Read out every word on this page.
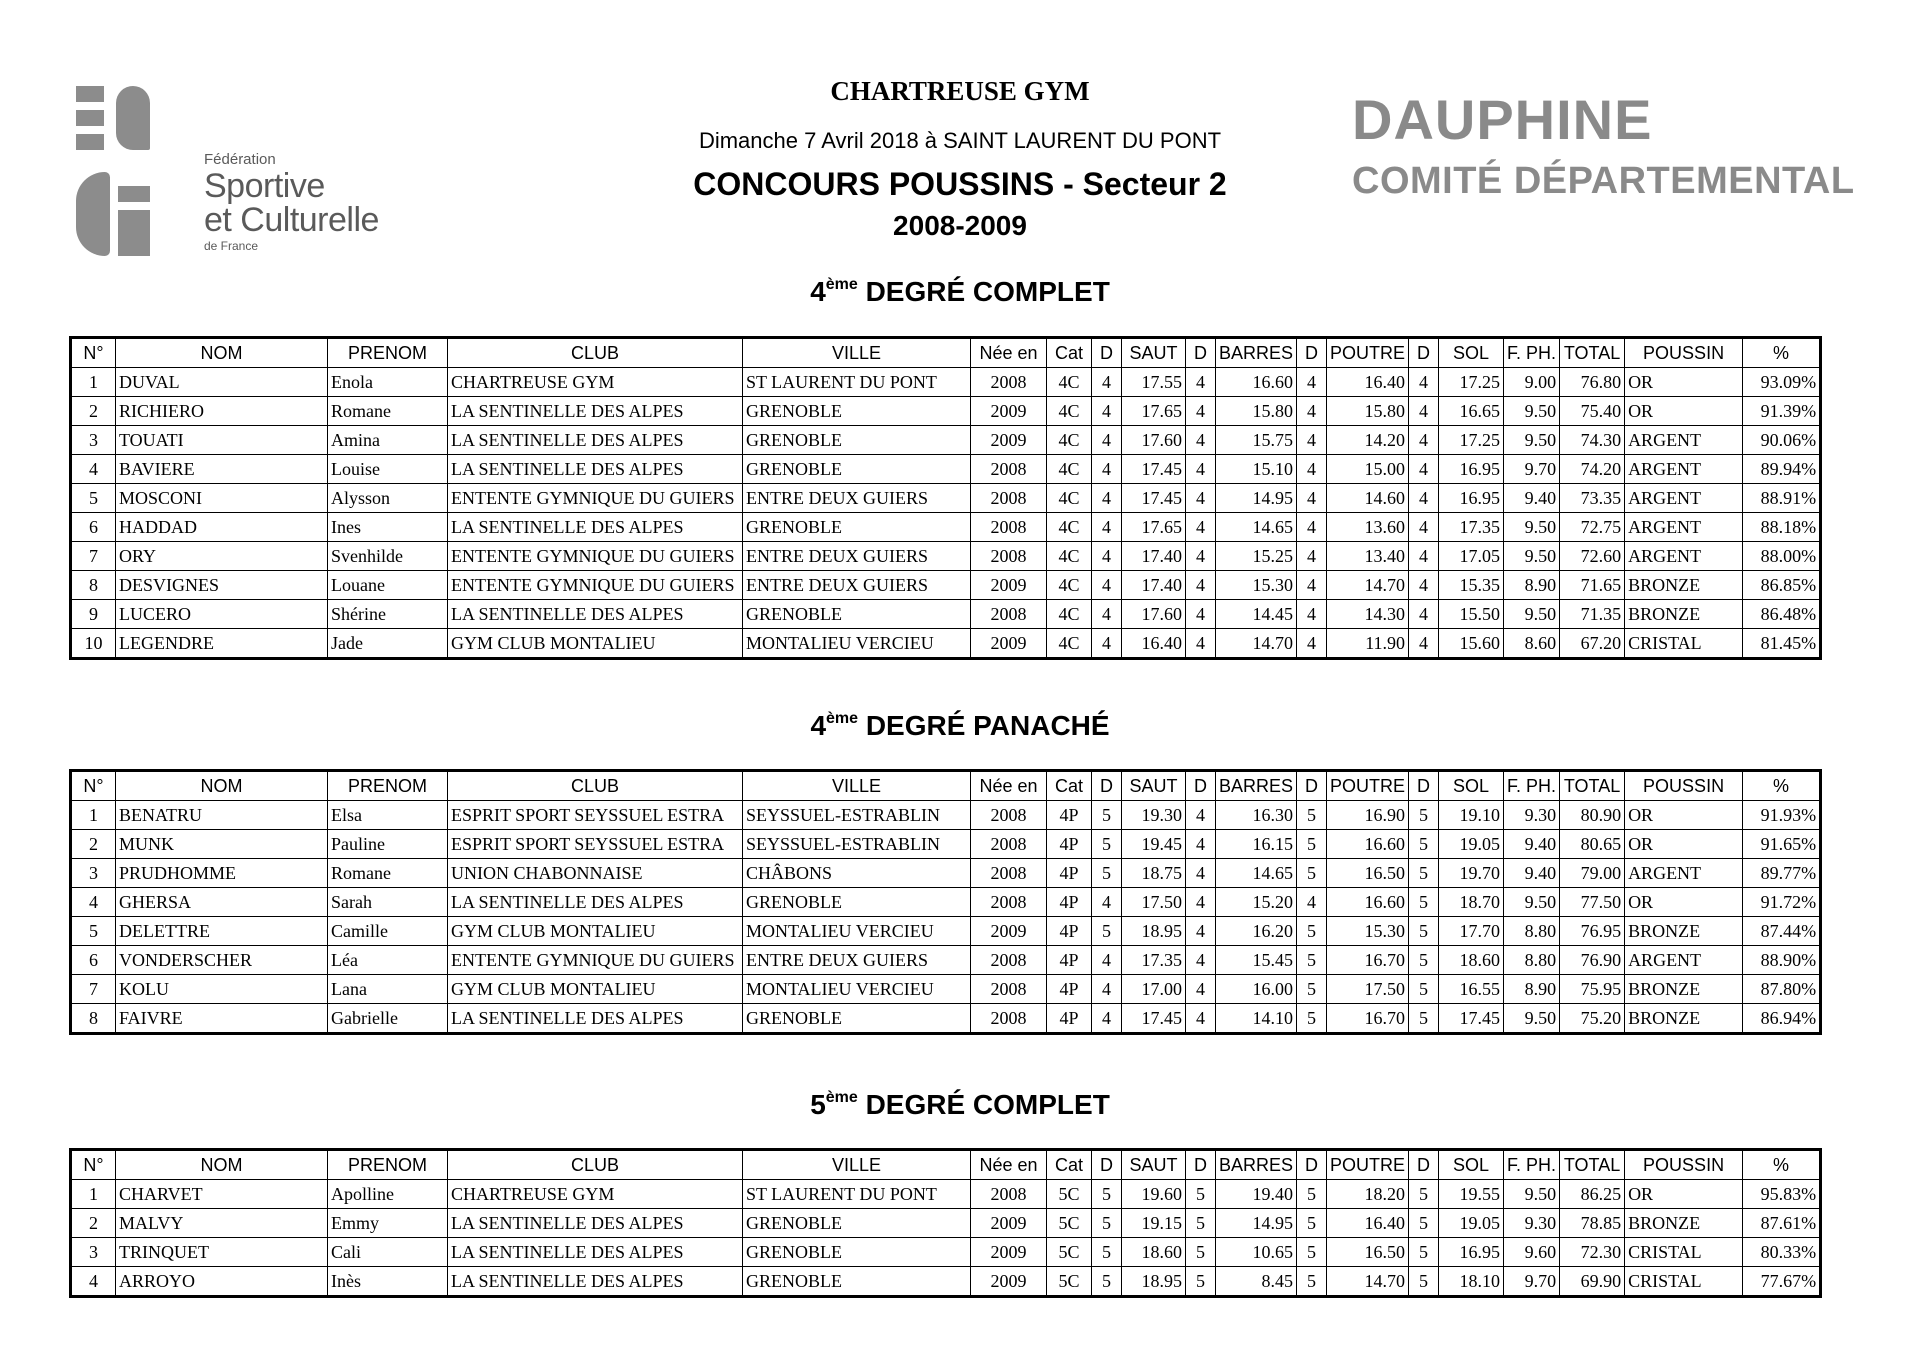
Fédération
Sportive
et Culturelle
de France
CHARTREUSE GYM
Dimanche 7 Avril 2018 à SAINT LAURENT DU PONT
CONCOURS POUSSINS - Secteur 2
2008-2009
DAUPHINE
COMITÉ DÉPARTEMENTAL
4ème DEGRÉ COMPLET
N°	NOM	PRENOM	CLUB	VILLE	Née en	Cat	D	SAUT	D	BARRES	D	POUTRE	D	SOL	F. PH.	TOTAL	POUSSIN	%
1	DUVAL	Enola	CHARTREUSE GYM	ST LAURENT DU PONT	2008	4C	4	17.55	4	16.60	4	16.40	4	17.25	9.00	76.80	OR	93.09%
2	RICHIERO	Romane	LA SENTINELLE DES ALPES	GRENOBLE	2009	4C	4	17.65	4	15.80	4	15.80	4	16.65	9.50	75.40	OR	91.39%
3	TOUATI	Amina	LA SENTINELLE DES ALPES	GRENOBLE	2009	4C	4	17.60	4	15.75	4	14.20	4	17.25	9.50	74.30	ARGENT	90.06%
4	BAVIERE	Louise	LA SENTINELLE DES ALPES	GRENOBLE	2008	4C	4	17.45	4	15.10	4	15.00	4	16.95	9.70	74.20	ARGENT	89.94%
5	MOSCONI	Alysson	ENTENTE GYMNIQUE DU GUIERS	ENTRE DEUX GUIERS	2008	4C	4	17.45	4	14.95	4	14.60	4	16.95	9.40	73.35	ARGENT	88.91%
6	HADDAD	Ines	LA SENTINELLE DES ALPES	GRENOBLE	2008	4C	4	17.65	4	14.65	4	13.60	4	17.35	9.50	72.75	ARGENT	88.18%
7	ORY	Svenhilde	ENTENTE GYMNIQUE DU GUIERS	ENTRE DEUX GUIERS	2008	4C	4	17.40	4	15.25	4	13.40	4	17.05	9.50	72.60	ARGENT	88.00%
8	DESVIGNES	Louane	ENTENTE GYMNIQUE DU GUIERS	ENTRE DEUX GUIERS	2009	4C	4	17.40	4	15.30	4	14.70	4	15.35	8.90	71.65	BRONZE	86.85%
9	LUCERO	Shérine	LA SENTINELLE DES ALPES	GRENOBLE	2008	4C	4	17.60	4	14.45	4	14.30	4	15.50	9.50	71.35	BRONZE	86.48%
10	LEGENDRE	Jade	GYM CLUB MONTALIEU	MONTALIEU VERCIEU	2009	4C	4	16.40	4	14.70	4	11.90	4	15.60	8.60	67.20	CRISTAL	81.45%
4ème DEGRÉ PANACHÉ
N°	NOM	PRENOM	CLUB	VILLE	Née en	Cat	D	SAUT	D	BARRES	D	POUTRE	D	SOL	F. PH.	TOTAL	POUSSIN	%
1	BENATRU	Elsa	ESPRIT SPORT SEYSSUEL ESTRA	SEYSSUEL-ESTRABLIN	2008	4P	5	19.30	4	16.30	5	16.90	5	19.10	9.30	80.90	OR	91.93%
2	MUNK	Pauline	ESPRIT SPORT SEYSSUEL ESTRA	SEYSSUEL-ESTRABLIN	2008	4P	5	19.45	4	16.15	5	16.60	5	19.05	9.40	80.65	OR	91.65%
3	PRUDHOMME	Romane	UNION CHABONNAISE	CHÂBONS	2008	4P	5	18.75	4	14.65	5	16.50	5	19.70	9.40	79.00	ARGENT	89.77%
4	GHERSA	Sarah	LA SENTINELLE DES ALPES	GRENOBLE	2008	4P	4	17.50	4	15.20	4	16.60	5	18.70	9.50	77.50	OR	91.72%
5	DELETTRE	Camille	GYM CLUB MONTALIEU	MONTALIEU VERCIEU	2009	4P	5	18.95	4	16.20	5	15.30	5	17.70	8.80	76.95	BRONZE	87.44%
6	VONDERSCHER	Léa	ENTENTE GYMNIQUE DU GUIERS	ENTRE DEUX GUIERS	2008	4P	4	17.35	4	15.45	5	16.70	5	18.60	8.80	76.90	ARGENT	88.90%
7	KOLU	Lana	GYM CLUB MONTALIEU	MONTALIEU VERCIEU	2008	4P	4	17.00	4	16.00	5	17.50	5	16.55	8.90	75.95	BRONZE	87.80%
8	FAIVRE	Gabrielle	LA SENTINELLE DES ALPES	GRENOBLE	2008	4P	4	17.45	4	14.10	5	16.70	5	17.45	9.50	75.20	BRONZE	86.94%
5ème DEGRÉ COMPLET
N°	NOM	PRENOM	CLUB	VILLE	Née en	Cat	D	SAUT	D	BARRES	D	POUTRE	D	SOL	F. PH.	TOTAL	POUSSIN	%
1	CHARVET	Apolline	CHARTREUSE GYM	ST LAURENT DU PONT	2008	5C	5	19.60	5	19.40	5	18.20	5	19.55	9.50	86.25	OR	95.83%
2	MALVY	Emmy	LA SENTINELLE DES ALPES	GRENOBLE	2009	5C	5	19.15	5	14.95	5	16.40	5	19.05	9.30	78.85	BRONZE	87.61%
3	TRINQUET	Cali	LA SENTINELLE DES ALPES	GRENOBLE	2009	5C	5	18.60	5	10.65	5	16.50	5	16.95	9.60	72.30	CRISTAL	80.33%
4	ARROYO	Inès	LA SENTINELLE DES ALPES	GRENOBLE	2009	5C	5	18.95	5	8.45	5	14.70	5	18.10	9.70	69.90	CRISTAL	77.67%
